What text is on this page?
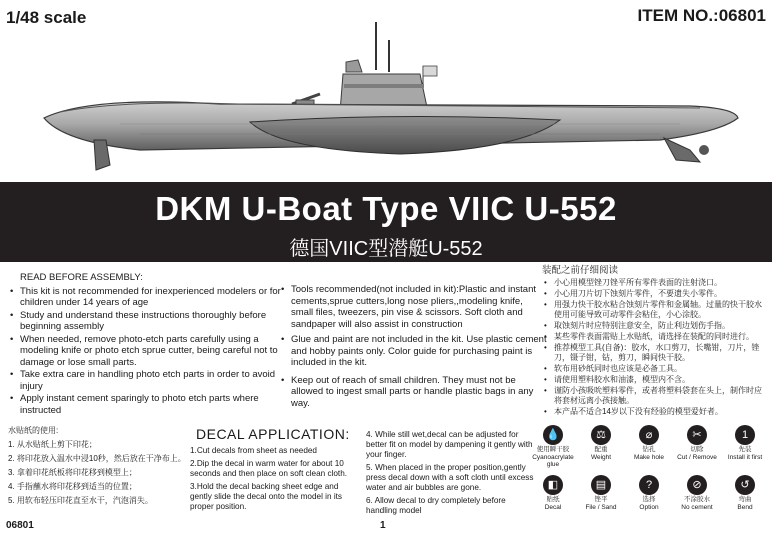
1/48 scale	ITEM NO.:06801
DKM U-Boat Type VIIC U-552
德国VIIC型潜艇U-552
READ BEFORE ASSEMBLY:
• This kit is not recommended for inexperienced modelers or for children under 14 years of age
• Study and understand these instructions thoroughly before beginning assembly
• When needed, remove photo-etch parts carefully using a modeling knife or photo etch sprue cutter, being careful not to damage or lose small parts.
• Take extra care in handling photo etch parts in order to avoid injury
• Apply instant cement sparingly to photo etch parts where instructed
• Tools recommended(not included in kit):Plastic and instant cements,sprue cutters,long nose pliers,,modeling knife, small files, tweezers, pin vise & scissors. Soft cloth and sandpaper will also assist in construction
• Glue and paint are not included in the kit. Use plastic cement and hobby paints only. Color guide for purchasing paint is included in the kit.
• Keep out of reach of small children. They must not be allowed to ingest small parts or handle plastic bags in any way.
装配之前仔细阅读
• 小心用模型锉刀锉平所有零件表面的注射浇口。
• 小心用刀片切下蚀刻片零件，不要遗失小零件。
• 用强力快干胶水粘合蚀刻片零件和金属轴。过量的快干胶水使用可能导致可动零件会粘住，小心涂胶。
• 取蚀刻片时应特别注意安全，防止利边划伤手指。
• 某些零件表面需贴上水贴纸，请选择在装配的同时进行。
• 推荐模型工具(自备)：胶水，水口剪刀，长嘴钳，刀片，锉刀，镊子钳，钻，剪刀，瞬间快干胶。
• 软布用砂纸同时也应该是必备工具。
• 请使用塑料胶水和油漆，模型内不含。
• 谨防小孩吸吮塑料零件，或者将塑料袋套在头上，制作时应将套材远离小孩接触。
• 本产品不适合14岁以下没有经验的模型爱好者。
水贴纸的使用:
1. 从水贴纸上剪下印花；
2. 将印花放入温水中浸10秒，然后放在干净布上。
3. 拿着印花纸板将印花移到模型上；
4. 手指蘸水将印花移到适当的位置；
5. 用软布轻压印花直至水干，汽泡消失。
DECAL APPLICATION:
1.Cut decals from sheet as needed
2.Dip the decal in warm water for about 10 seconds and then place on soft clean cloth.
3.Hold the decal backing sheet edge and gently slide the decal onto the model in its proper position.
4. While still wet,decal can be adjusted for better fit on model by dampening it gently with your finger.
5. When placed in the proper position,gently press decal down with a soft cloth until excess water and air bubbles are gone.
6. Allow decal to dry completely before handling model
💧
使用瞬干胶
Cyanoacrylate glue
⚖
配重
Weight
⌀
钻孔
Make hole
✂
切除
Cut / Remove
1
先装
Install it first
◧
贴纸
Decal
▤
锉平
File / Sand
?
选择
Option
⊘
不涂胶水
No cement
↺
弯曲
Bend
06801	1
